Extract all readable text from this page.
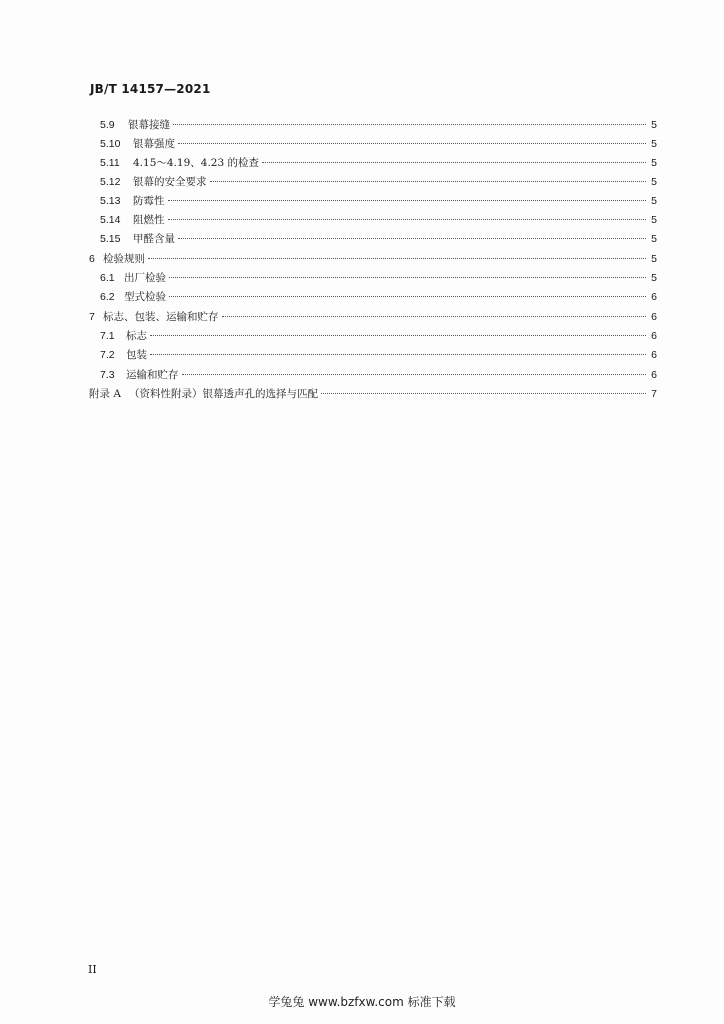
JB/T 14157—2021
5.9	银幕接缝	5
5.10	银幕强度	5
5.11	4.15～4.19、4.23 的检查	5
5.12	银幕的安全要求	5
5.13	防霉性	5
5.14	阻燃性	5
5.15	甲醛含量	5
6 检验规则	5
6.1 出厂检验	5
6.2 型式检验	6
7 标志、包装、运输和贮存	6
7.1	标志	6
7.2	包装	6
7.3	运输和贮存	6
附录 A （资料性附录）银幕透声孔的选择与匹配	7
II
学兔兔 www.bzfxw.com 标准下载
